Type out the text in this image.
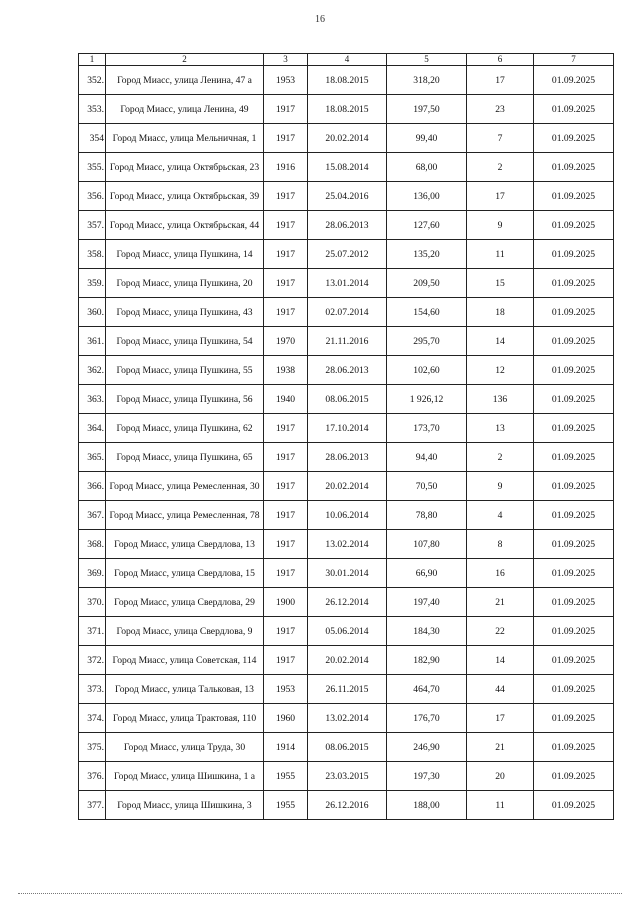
16
1	2	3	4	5	6	7
352.	Город Миасс, улица Ленина, 47 а	1953	18.08.2015	318,20	17	01.09.2025
353.	Город Миасс, улица Ленина, 49	1917	18.08.2015	197,50	23	01.09.2025
354	Город Миасс, улица Мельничная, 1	1917	20.02.2014	99,40	7	01.09.2025
355.	Город Миасс, улица Октябрьская, 23	1916	15.08.2014	68,00	2	01.09.2025
356.	Город Миасс, улица Октябрьская, 39	1917	25.04.2016	136,00	17	01.09.2025
357.	Город Миасс, улица Октябрьская, 44	1917	28.06.2013	127,60	9	01.09.2025
358.	Город Миасс, улица Пушкина, 14	1917	25.07.2012	135,20	11	01.09.2025
359.	Город Миасс, улица Пушкина, 20	1917	13.01.2014	209,50	15	01.09.2025
360.	Город Миасс, улица Пушкина, 43	1917	02.07.2014	154,60	18	01.09.2025
361.	Город Миасс, улица Пушкина, 54	1970	21.11.2016	295,70	14	01.09.2025
362.	Город Миасс, улица Пушкина, 55	1938	28.06.2013	102,60	12	01.09.2025
363.	Город Миасс, улица Пушкина, 56	1940	08.06.2015	1 926,12	136	01.09.2025
364.	Город Миасс, улица Пушкина, 62	1917	17.10.2014	173,70	13	01.09.2025
365.	Город Миасс, улица Пушкина, 65	1917	28.06.2013	94,40	2	01.09.2025
366.	Город Миасс, улица Ремесленная, 30	1917	20.02.2014	70,50	9	01.09.2025
367.	Город Миасс, улица Ремесленная, 78	1917	10.06.2014	78,80	4	01.09.2025
368.	Город Миасс, улица Свердлова, 13	1917	13.02.2014	107,80	8	01.09.2025
369.	Город Миасс, улица Свердлова, 15	1917	30.01.2014	66,90	16	01.09.2025
370.	Город Миасс, улица Свердлова, 29	1900	26.12.2014	197,40	21	01.09.2025
371.	Город Миасс, улица Свердлова, 9	1917	05.06.2014	184,30	22	01.09.2025
372.	Город Миасс, улица Советская, 114	1917	20.02.2014	182,90	14	01.09.2025
373.	Город Миасс, улица Тальковая, 13	1953	26.11.2015	464,70	44	01.09.2025
374.	Город Миасс, улица Трактовая, 110	1960	13.02.2014	176,70	17	01.09.2025
375.	Город Миасс, улица Труда, 30	1914	08.06.2015	246,90	21	01.09.2025
376.	Город Миасс, улица Шишкина, 1 а	1955	23.03.2015	197,30	20	01.09.2025
377.	Город Миасс, улица Шишкина, 3	1955	26.12.2016	188,00	11	01.09.2025
